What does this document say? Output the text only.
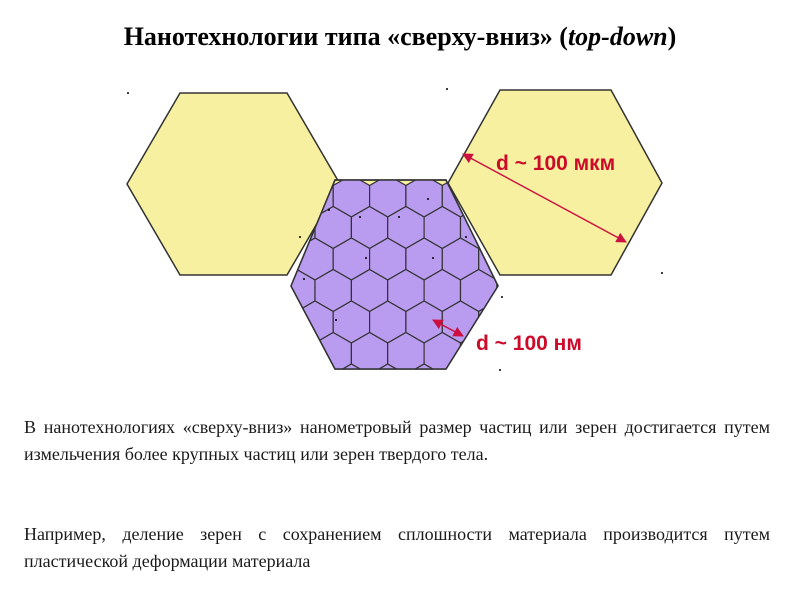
Нанотехнологии типа «сверху-вниз» (top-down)
d ~ 100 мкм
d ~ 100 нм
В нанотехнологиях «сверху-вниз» нанометровый размер частиц или зерен достигается путем измельчения более крупных частиц или зерен твердого тела.
Например, деление зерен с сохранением сплошности материала производится путем пластической деформации материала
